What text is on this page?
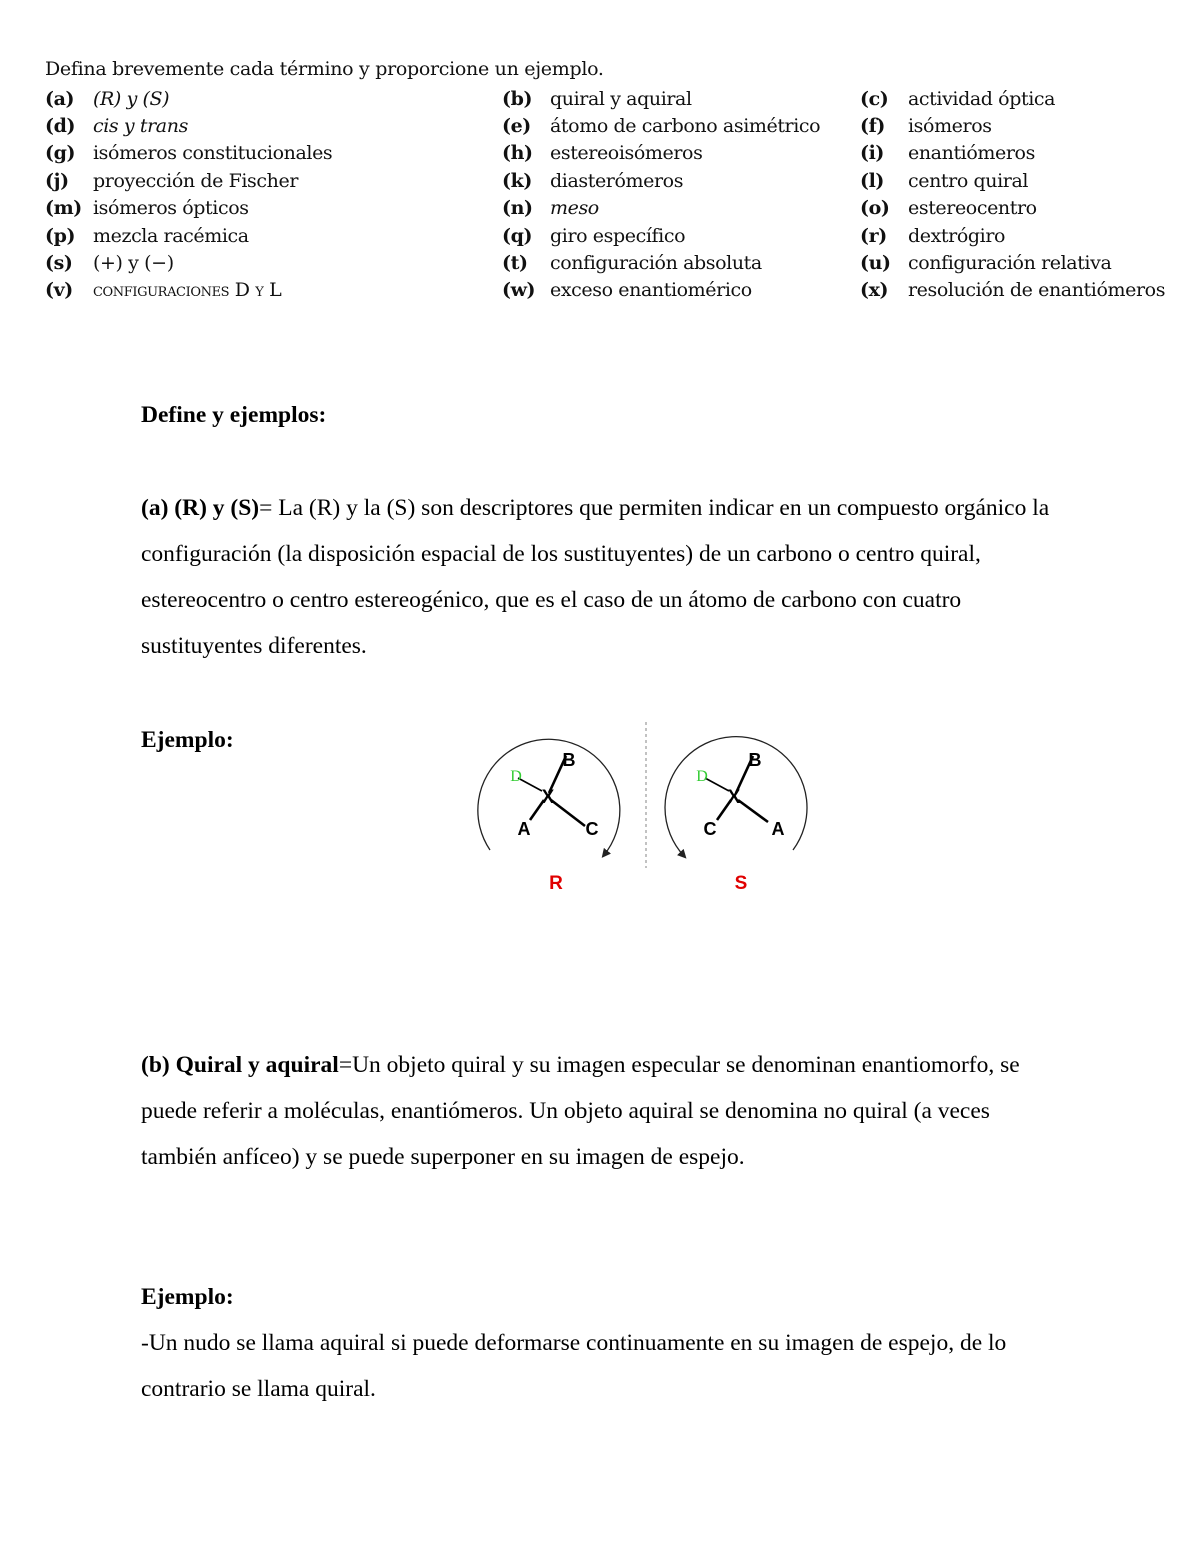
Defina brevemente cada término y proporcione un ejemplo.

(a) (R) y (S)	(b) quiral y aquiral	(c)	actividad óptica
(d) cis y trans	(e)	átomo de carbono asimétrico (f)	isómeros
(g) isómeros constitucionales	(h) estereoisómeros	(i)	enantiómeros
(j)	proyección de Fischer	(k) diasterómeros	(l)	centro quiral
(m) isómeros ópticos	(n) meso	(o) estereocentro
(p) mezcla racémica	(q) giro específico	(r)	dextrógiro
(s)	(+) y (−)	(t)	configuración absoluta	(u) configuración relativa
(v)	configuraciones D y L	(w) exceso enantiomérico	(x)	resolución de enantiómeros

Define y ejemplos:

(a) (R) y (S)= La (R) y la (S) son descriptores que permiten indicar en un compuesto orgánico la configuración (la disposición espacial de los sustituyentes) de un carbono o centro quiral, estereocentro o centro estereogénico, que es el caso de un átomo de carbono con cuatro sustituyentes diferentes.

Ejemplo:

X
B
D
A	C
R
X
B
D
C	A
S

(b) Quiral y aquiral=Un objeto quiral y su imagen especular se denominan enantiomorfo, se puede referir a moléculas, enantiómeros. Un objeto aquiral se denomina no quiral (a veces también anfíceo) y se puede superponer en su imagen de espejo.

Ejemplo:

-Un nudo se llama aquiral si puede deformarse continuamente en su imagen de espejo, de lo contrario se llama quiral.
